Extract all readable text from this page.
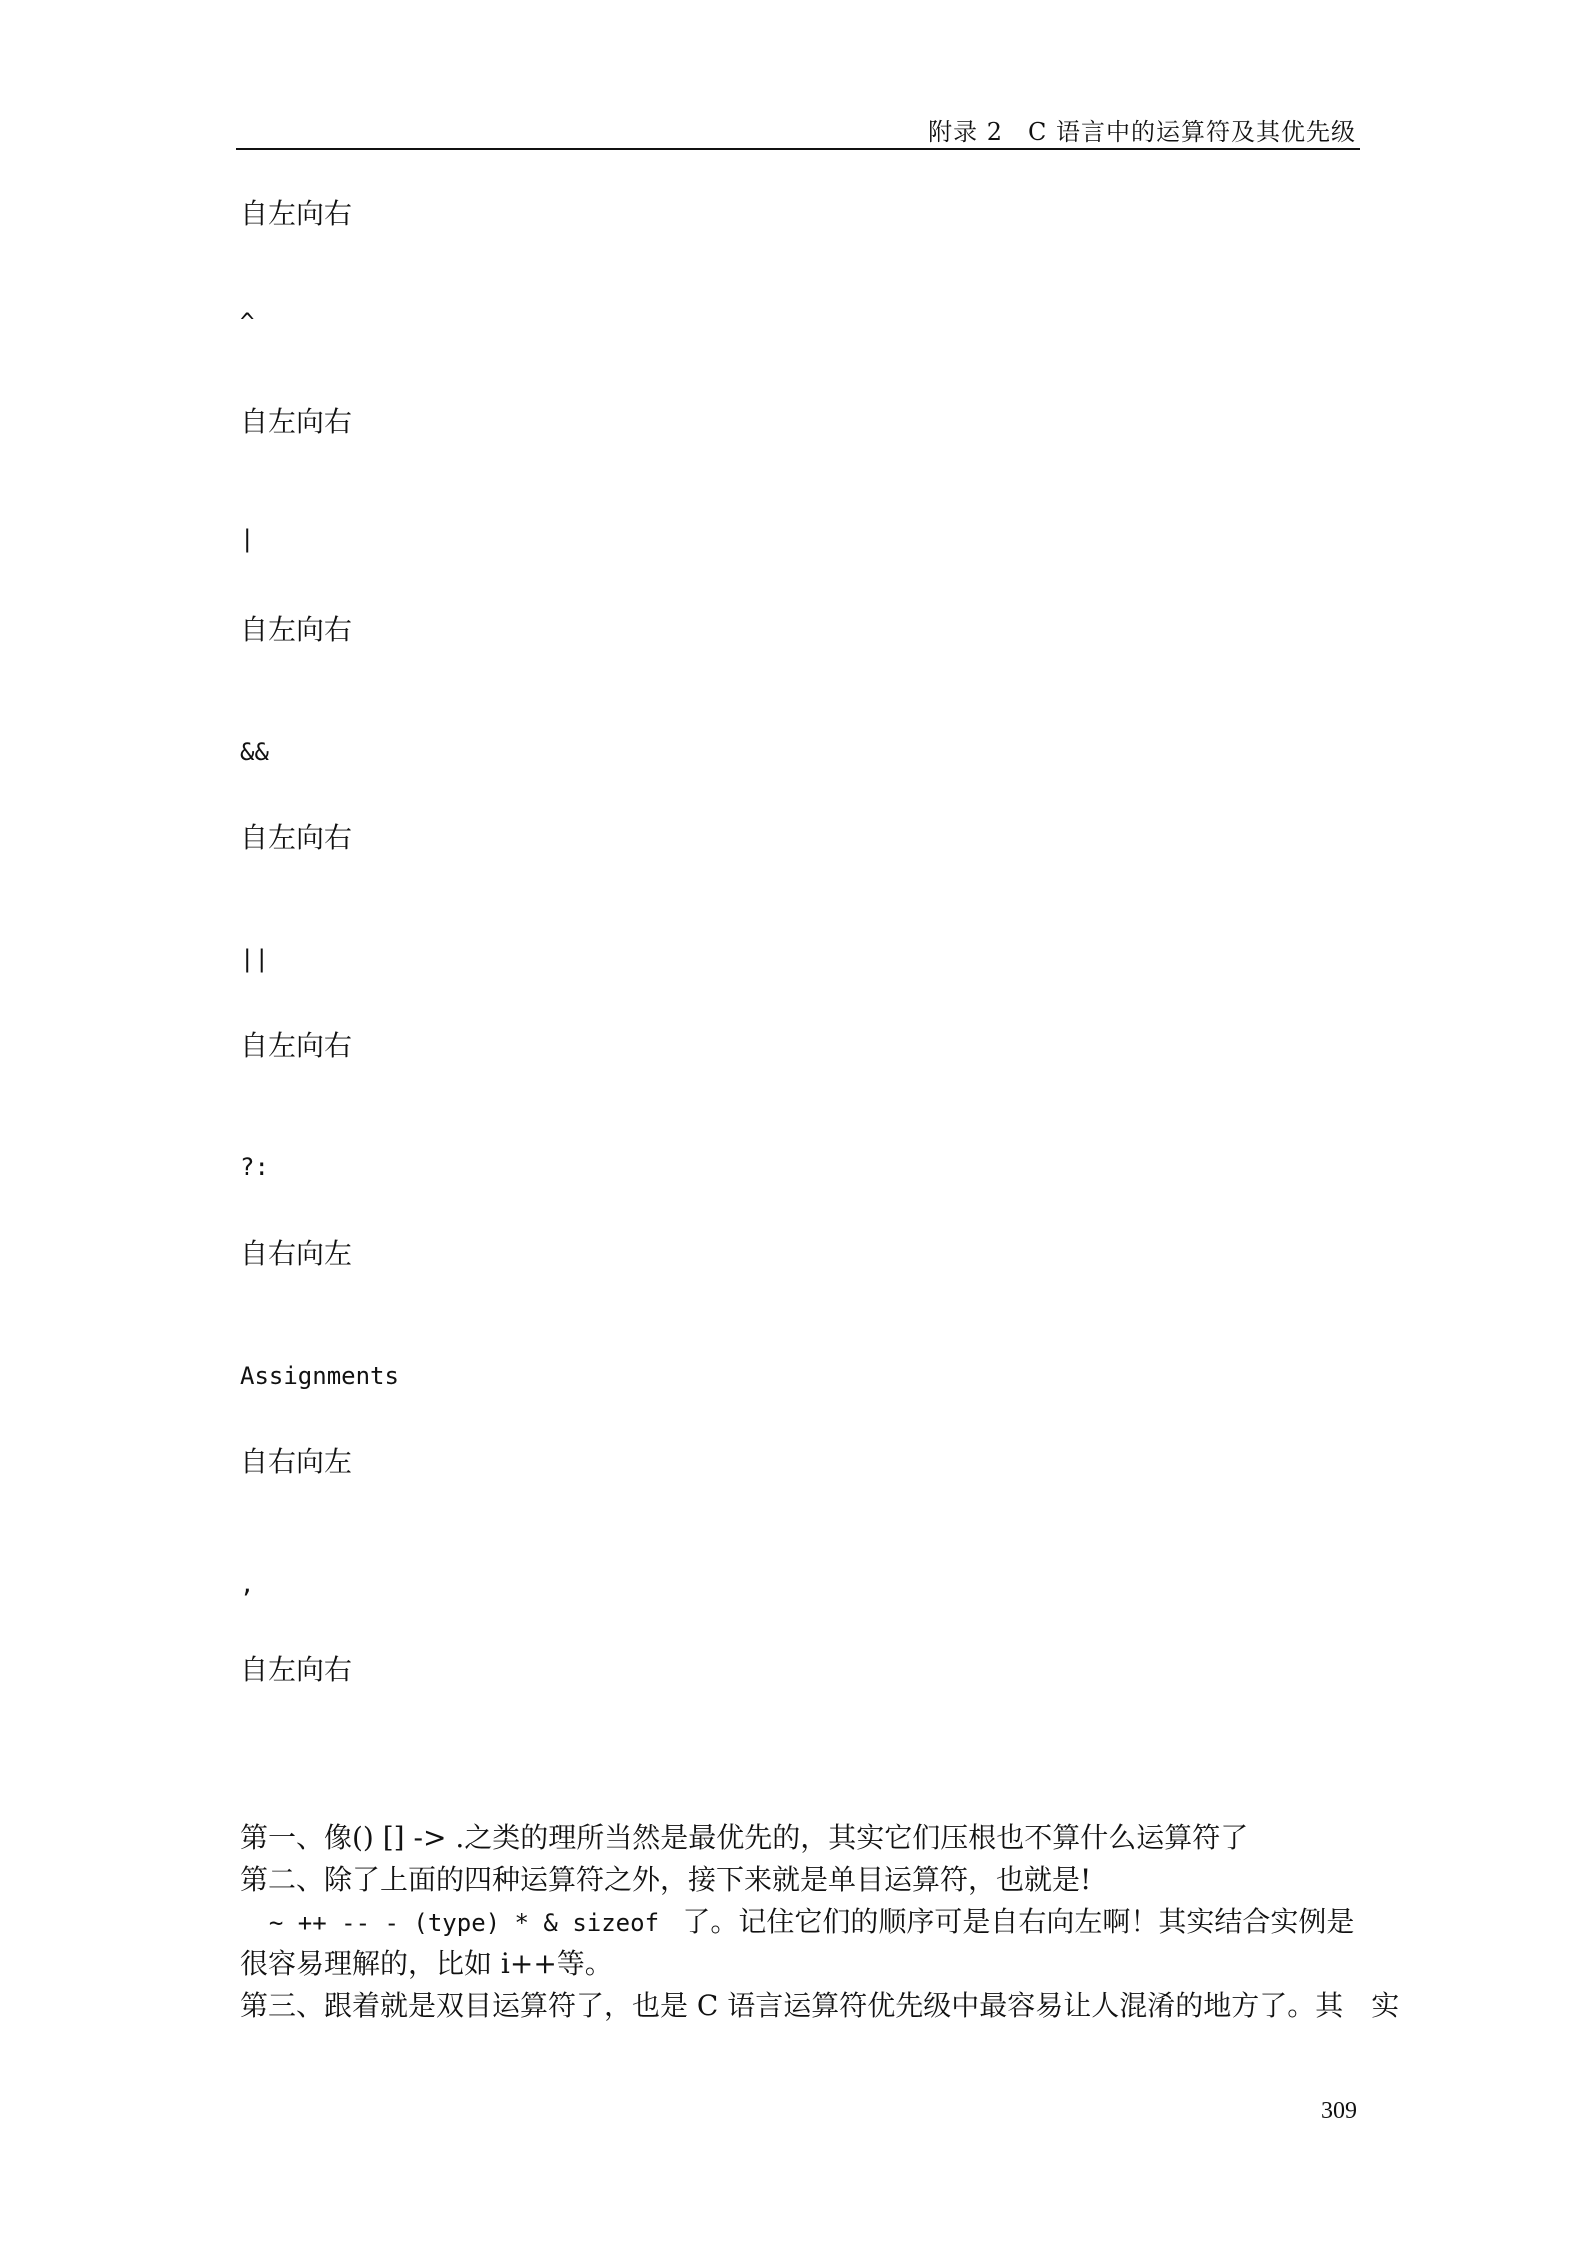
附录 2　C 语言中的运算符及其优先级
自左向右
^
自左向右
|
自左向右
&&
自左向右
||
自左向右
?:
自右向左
Assignments
自右向左
,
自左向右
第一、像() [] -> .之类的理所当然是最优先的，其实它们压根也不算什么运算符了
第二、除了上面的四种运算符之外，接下来就是单目运算符，也就是!
~ ++ -- - (type) * & sizeof  了。记住它们的顺序可是自右向左啊！其实结合实例是
很容易理解的，比如 i++等。
第三、跟着就是双目运算符了，也是 C 语言运算符优先级中最容易让人混淆的地方了。其　实
309
